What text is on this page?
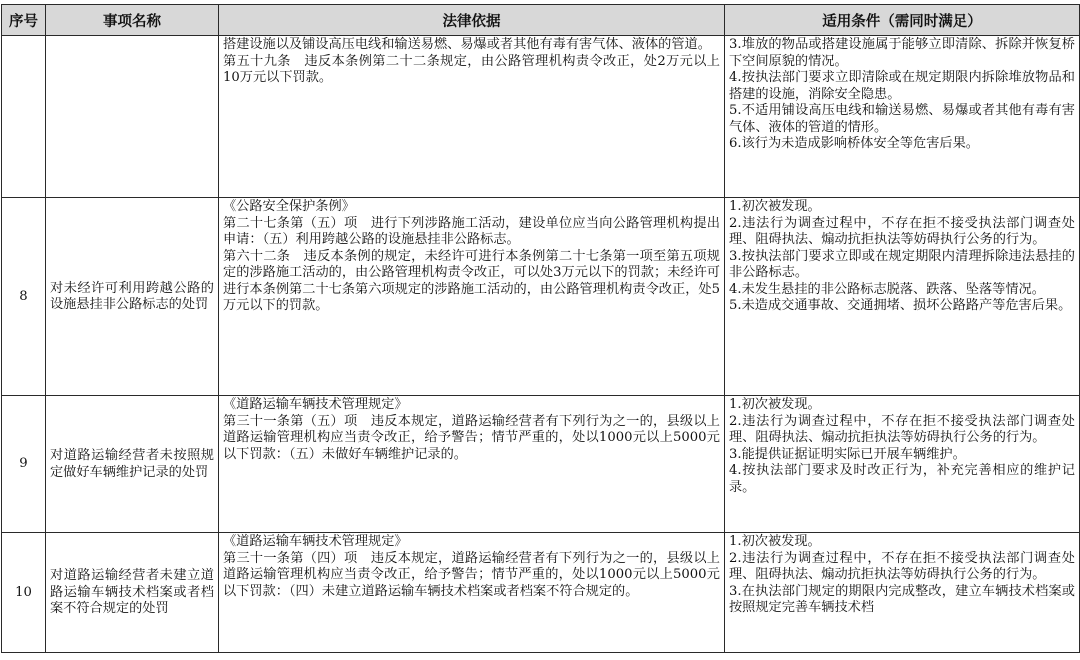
序号	事项名称	法律依据	适用条件（需同时满足）

		搭建设施以及铺设高压电线和输送易燃、易爆或者其他有毒有害气体、液体的管道。
第五十九条　违反本条例第二十二条规定，由公路管理机构责令改正，处2万元以上10万元以下罚款。	3.堆放的物品或搭建设施属于能够立即清除、拆除并恢复桥下空间原貌的情况。
4.按执法部门要求立即清除或在规定期限内拆除堆放物品和搭建的设施，消除安全隐患。
5.不适用铺设高压电线和输送易燃、易爆或者其他有毒有害气体、液体的管道的情形。
6.该行为未造成影响桥体安全等危害后果。

8	对未经许可利用跨越公路的设施悬挂非公路标志的处罚	《公路安全保护条例》
第二十七条第（五）项　进行下列涉路施工活动，建设单位应当向公路管理机构提出申请：（五）利用跨越公路的设施悬挂非公路标志。
第六十二条　违反本条例的规定，未经许可进行本条例第二十七条第一项至第五项规定的涉路施工活动的，由公路管理机构责令改正，可以处3万元以下的罚款；未经许可进行本条例第二十七条第六项规定的涉路施工活动的，由公路管理机构责令改正，处5万元以下的罚款。	1.初次被发现。
2.违法行为调查过程中，不存在拒不接受执法部门调查处理、阻碍执法、煽动抗拒执法等妨碍执行公务的行为。
3.按执法部门要求立即或在规定期限内清理拆除违法悬挂的非公路标志。
4.未发生悬挂的非公路标志脱落、跌落、坠落等情况。
5.未造成交通事故、交通拥堵、损坏公路路产等危害后果。

9	对道路运输经营者未按照规定做好车辆维护记录的处罚	《道路运输车辆技术管理规定》
第三十一条第（五）项　违反本规定，道路运输经营者有下列行为之一的，县级以上道路运输管理机构应当责令改正，给予警告；情节严重的，处以1000元以上5000元以下罚款：（五）未做好车辆维护记录的。	1.初次被发现。
2.违法行为调查过程中，不存在拒不接受执法部门调查处理、阻碍执法、煽动抗拒执法等妨碍执行公务的行为。
3.能提供证据证明实际已开展车辆维护。
4.按执法部门要求及时改正行为，补充完善相应的维护记录。

10	对道路运输经营者未建立道路运输车辆技术档案或者档案不符合规定的处罚	《道路运输车辆技术管理规定》
第三十一条第（四）项　违反本规定，道路运输经营者有下列行为之一的，县级以上道路运输管理机构应当责令改正，给予警告；情节严重的，处以1000元以上5000元以下罚款：（四）未建立道路运输车辆技术档案或者档案不符合规定的。	1.初次被发现。
2.违法行为调查过程中，不存在拒不接受执法部门调查处理、阻碍执法、煽动抗拒执法等妨碍执行公务的行为。
3.在执法部门规定的期限内完成整改，建立车辆技术档案或按照规定完善车辆技术档
